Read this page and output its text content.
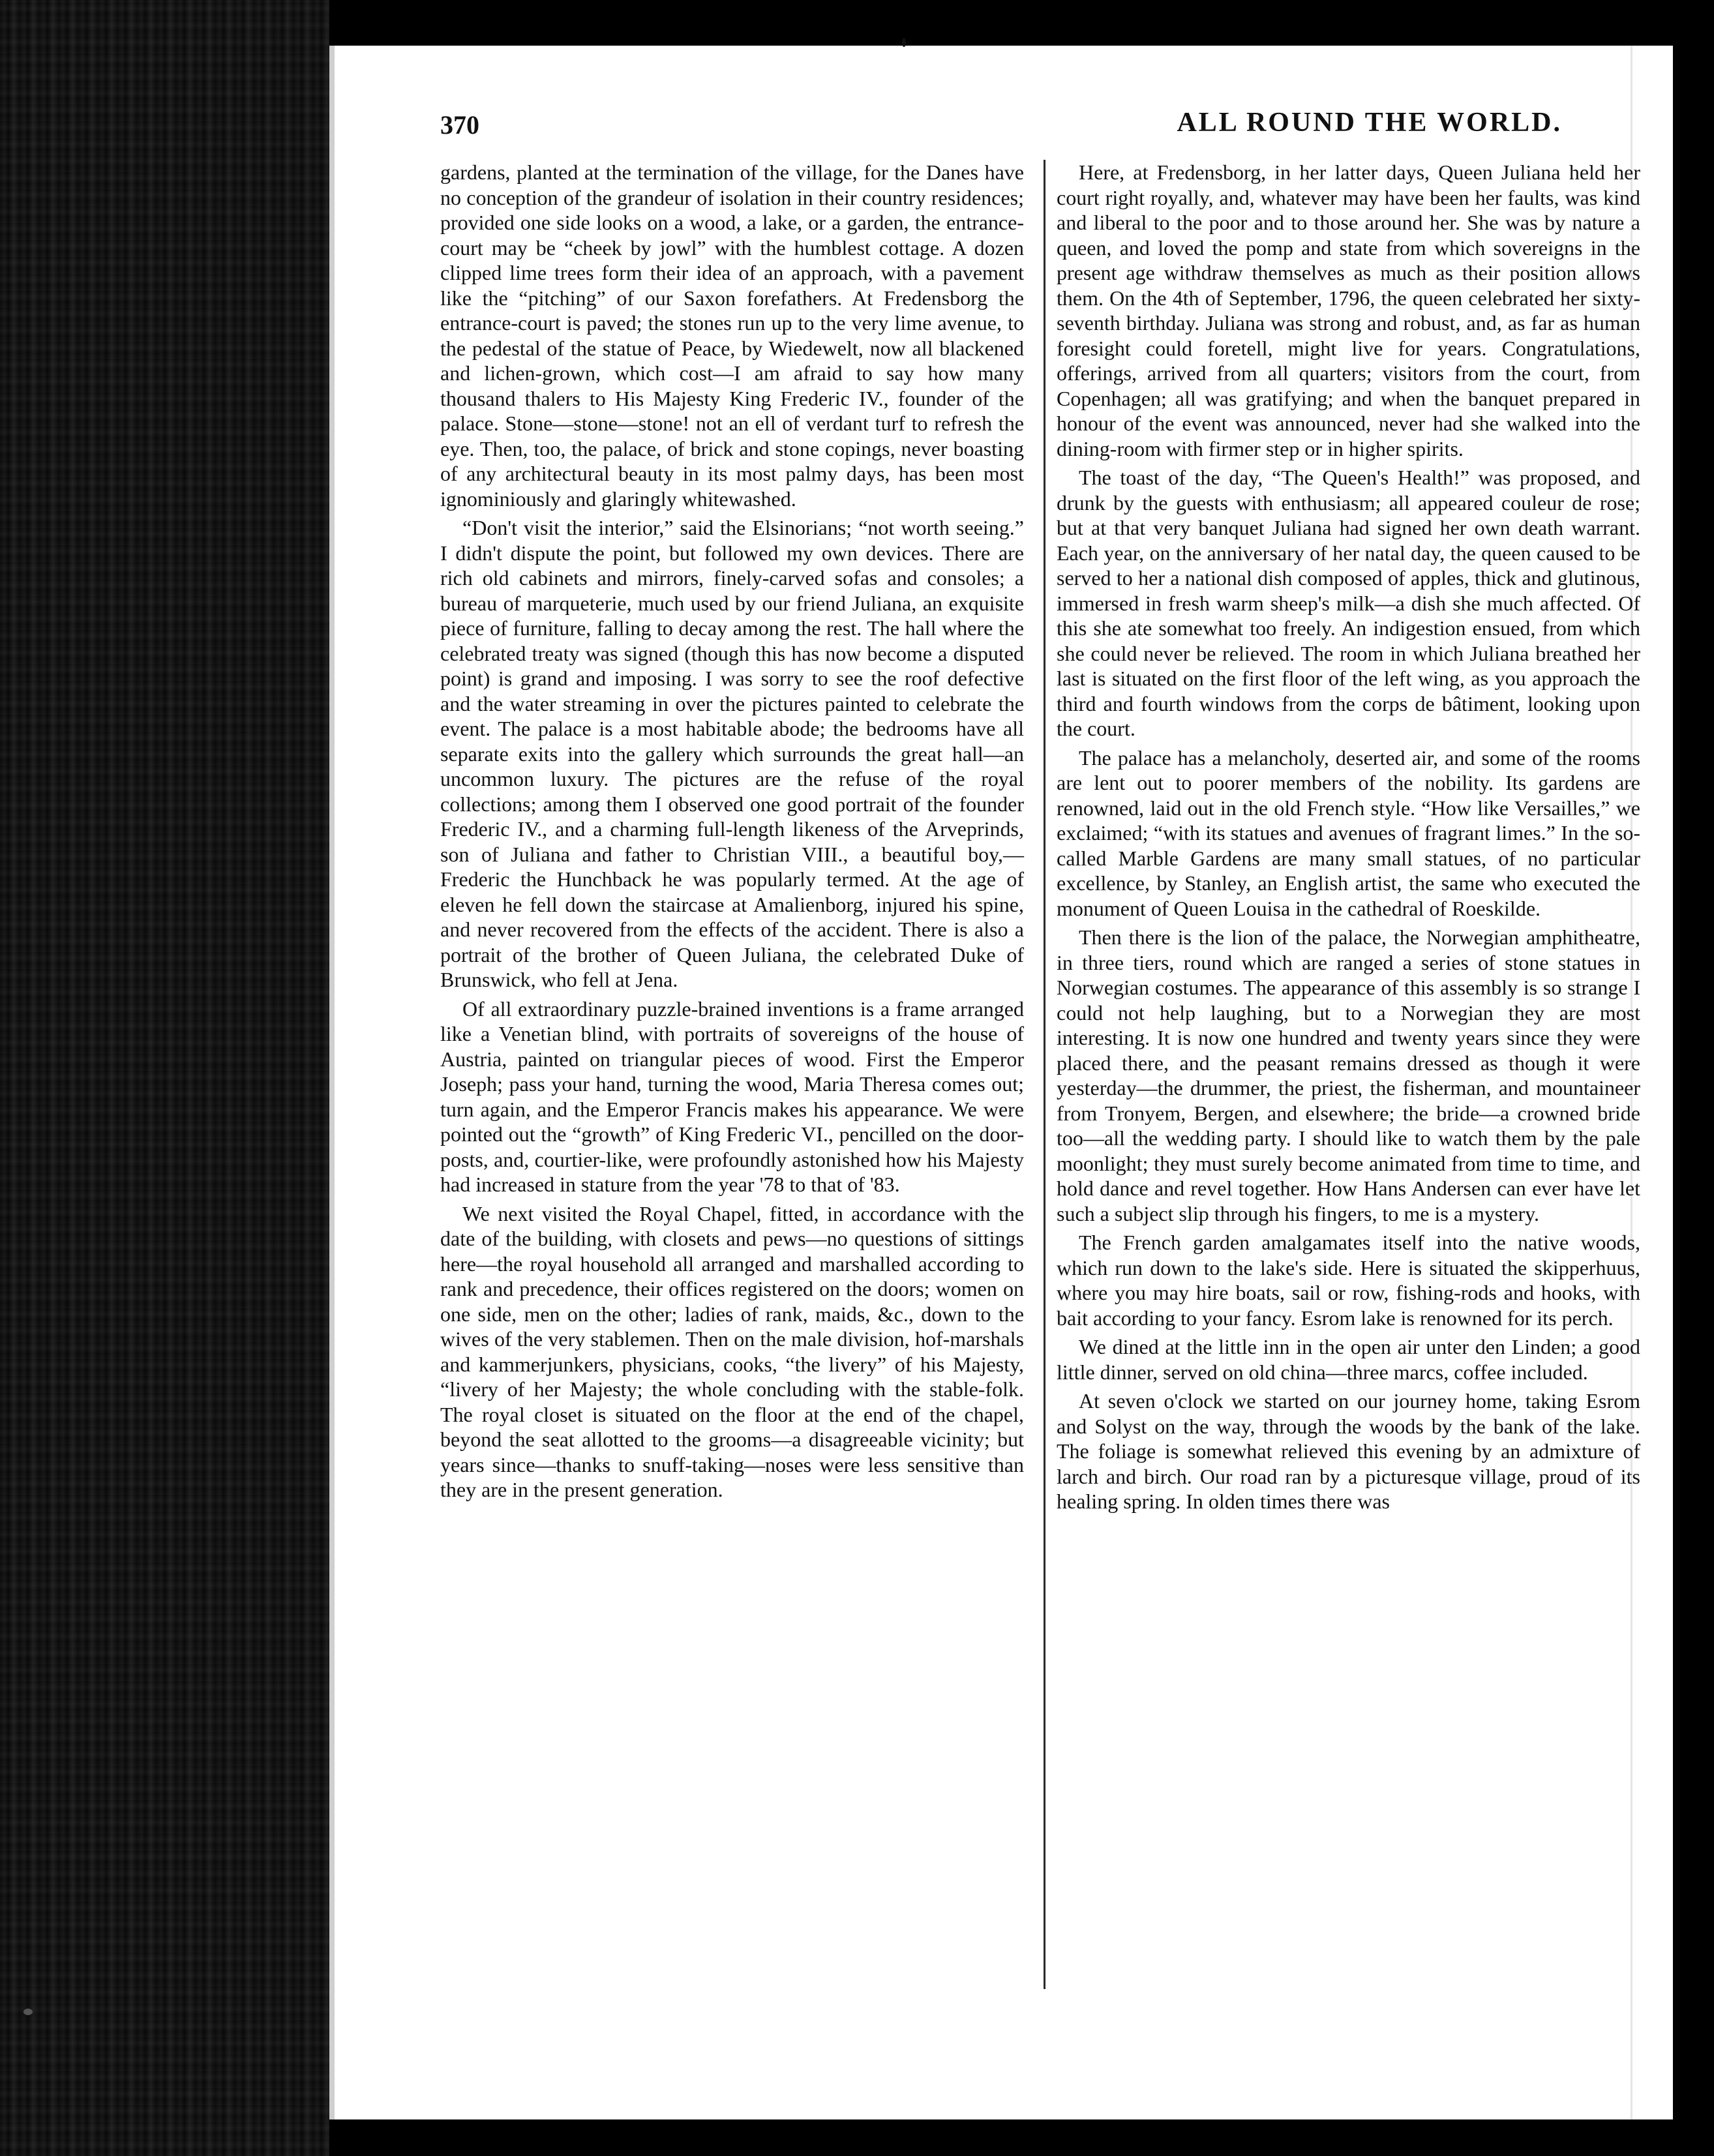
370	ALL ROUND THE WORLD.

gardens, planted at the termination of the village, for the Danes have no conception of the grandeur of isolation in their country residences; provided one side looks on a wood, a lake, or a garden, the entrance-court may be “cheek by jowl” with the humblest cottage. A dozen clipped lime trees form their idea of an approach, with a pavement like the “pitching” of our Saxon forefathers. At Fredensborg the entrance-court is paved; the stones run up to the very lime avenue, to the pedestal of the statue of Peace, by Wiedewelt, now all blackened and lichen-grown, which cost—I am afraid to say how many thousand thalers to His Majesty King Frederic IV., founder of the palace. Stone—stone—stone! not an ell of verdant turf to refresh the eye. Then, too, the palace, of brick and stone copings, never boasting of any architectural beauty in its most palmy days, has been most ignominiously and glaringly whitewashed.

“Don't visit the interior,” said the Elsinorians; “not worth seeing.” I didn't dispute the point, but followed my own devices. There are rich old cabinets and mirrors, finely-carved sofas and consoles; a bureau of marqueterie, much used by our friend Juliana, an exquisite piece of furniture, falling to decay among the rest. The hall where the celebrated treaty was signed (though this has now become a disputed point) is grand and imposing. I was sorry to see the roof defective and the water streaming in over the pictures painted to celebrate the event. The palace is a most habitable abode; the bedrooms have all separate exits into the gallery which surrounds the great hall—an uncommon luxury. The pictures are the refuse of the royal collections; among them I observed one good portrait of the founder Frederic IV., and a charming full-length likeness of the Arveprinds, son of Juliana and father to Christian VIII., a beautiful boy,—Frederic the Hunchback he was popularly termed. At the age of eleven he fell down the staircase at Amalienborg, injured his spine, and never recovered from the effects of the accident. There is also a portrait of the brother of Queen Juliana, the celebrated Duke of Brunswick, who fell at Jena.

Of all extraordinary puzzle-brained inventions is a frame arranged like a Venetian blind, with portraits of sovereigns of the house of Austria, painted on triangular pieces of wood. First the Emperor Joseph; pass your hand, turning the wood, Maria Theresa comes out; turn again, and the Emperor Francis makes his appearance. We were pointed out the “growth” of King Frederic VI., pencilled on the door-posts, and, courtier-like, were profoundly astonished how his Majesty had increased in stature from the year '78 to that of '83.

We next visited the Royal Chapel, fitted, in accordance with the date of the building, with closets and pews—no questions of sittings here—the royal household all arranged and marshalled according to rank and precedence, their offices registered on the doors; women on one side, men on the other; ladies of rank, maids, &c., down to the wives of the very stablemen. Then on the male division, hof-marshals and kammerjunkers, physicians, cooks, “the livery” of his Majesty, “livery of her Majesty; the whole concluding with the stable-folk. The royal closet is situated on the floor at the end of the chapel, beyond the seat allotted to the grooms—a disagreeable vicinity; but years since—thanks to snuff-taking—noses were less sensitive than they are in the present generation.

Here, at Fredensborg, in her latter days, Queen Juliana held her court right royally, and, whatever may have been her faults, was kind and liberal to the poor and to those around her. She was by nature a queen, and loved the pomp and state from which sovereigns in the present age withdraw themselves as much as their position allows them. On the 4th of September, 1796, the queen celebrated her sixty-seventh birthday. Juliana was strong and robust, and, as far as human foresight could foretell, might live for years. Congratulations, offerings, arrived from all quarters; visitors from the court, from Copenhagen; all was gratifying; and when the banquet prepared in honour of the event was announced, never had she walked into the dining-room with firmer step or in higher spirits.

The toast of the day, “The Queen's Health!” was proposed, and drunk by the guests with enthusiasm; all appeared couleur de rose; but at that very banquet Juliana had signed her own death warrant. Each year, on the anniversary of her natal day, the queen caused to be served to her a national dish composed of apples, thick and glutinous, immersed in fresh warm sheep's milk—a dish she much affected. Of this she ate somewhat too freely. An indigestion ensued, from which she could never be relieved. The room in which Juliana breathed her last is situated on the first floor of the left wing, as you approach the third and fourth windows from the corps de bâtiment, looking upon the court.

The palace has a melancholy, deserted air, and some of the rooms are lent out to poorer members of the nobility. Its gardens are renowned, laid out in the old French style. “How like Versailles,” we exclaimed; “with its statues and avenues of fragrant limes.” In the so-called Marble Gardens are many small statues, of no particular excellence, by Stanley, an English artist, the same who executed the monument of Queen Louisa in the cathedral of Roeskilde.

Then there is the lion of the palace, the Norwegian amphitheatre, in three tiers, round which are ranged a series of stone statues in Norwegian costumes. The appearance of this assembly is so strange I could not help laughing, but to a Norwegian they are most interesting. It is now one hundred and twenty years since they were placed there, and the peasant remains dressed as though it were yesterday—the drummer, the priest, the fisherman, and mountaineer from Tronyem, Bergen, and elsewhere; the bride—a crowned bride too—all the wedding party. I should like to watch them by the pale moonlight; they must surely become animated from time to time, and hold dance and revel together. How Hans Andersen can ever have let such a subject slip through his fingers, to me is a mystery.

The French garden amalgamates itself into the native woods, which run down to the lake's side. Here is situated the skipperhuus, where you may hire boats, sail or row, fishing-rods and hooks, with bait according to your fancy. Esrom lake is renowned for its perch.

We dined at the little inn in the open air unter den Linden; a good little dinner, served on old china—three marcs, coffee included.

At seven o'clock we started on our journey home, taking Esrom and Solyst on the way, through the woods by the bank of the lake. The foliage is somewhat relieved this evening by an admixture of larch and birch. Our road ran by a picturesque village, proud of its healing spring. In olden times there was
